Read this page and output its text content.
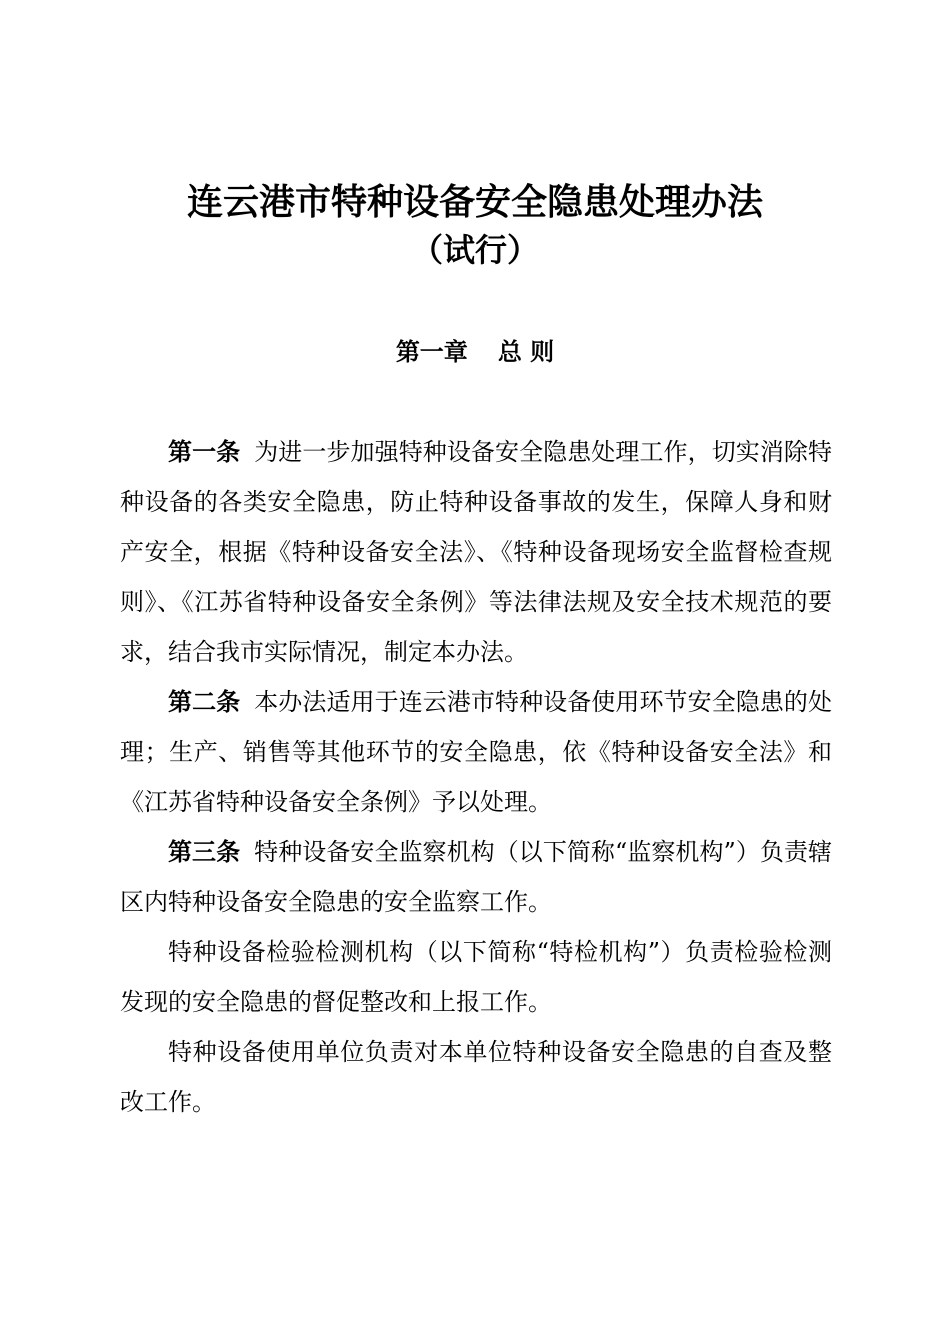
连云港市特种设备安全隐患处理办法
（试行）
第一章 总 则

第一条 为进一步加强特种设备安全隐患处理工作，切实消除特种设备的各类安全隐患，防止特种设备事故的发生，保障人身和财产安全，根据《特种设备安全法》、《特种设备现场安全监督检查规则》、《江苏省特种设备安全条例》等法律法规及安全技术规范的要求，结合我市实际情况，制定本办法。

第二条 本办法适用于连云港市特种设备使用环节安全隐患的处理；生产、销售等其他环节的安全隐患，依《特种设备安全法》和《江苏省特种设备安全条例》予以处理。

第三条 特种设备安全监察机构（以下简称“监察机构”）负责辖区内特种设备安全隐患的安全监察工作。

特种设备检验检测机构（以下简称“特检机构”）负责检验检测发现的安全隐患的督促整改和上报工作。

特种设备使用单位负责对本单位特种设备安全隐患的自查及整改工作。
